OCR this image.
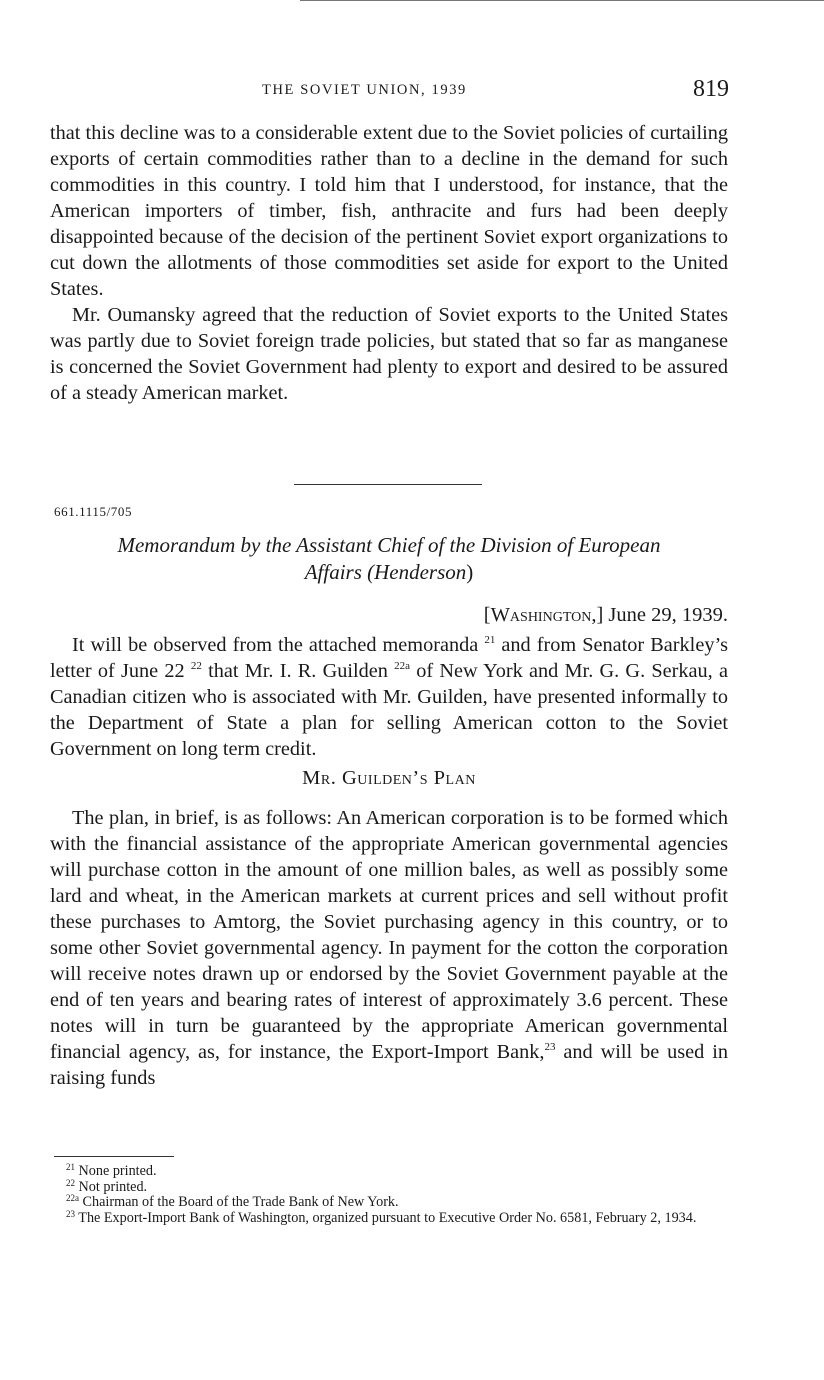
THE SOVIET UNION, 1939	819

that this decline was to a considerable extent due to the Soviet policies of curtailing exports of certain commodities rather than to a decline in the demand for such commodities in this country. I told him that I understood, for instance, that the American importers of timber, fish, anthracite and furs had been deeply disappointed because of the decision of the pertinent Soviet export organizations to cut down the allotments of those commodities set aside for export to the United States.

Mr. Oumansky agreed that the reduction of Soviet exports to the United States was partly due to Soviet foreign trade policies, but stated that so far as manganese is concerned the Soviet Government had plenty to export and desired to be assured of a steady American market.

661.1115/705
Memorandum by the Assistant Chief of the Division of European
Affairs (Henderson)
[Washington,] June 29, 1939.

It will be observed from the attached memoranda $^{21}$ and from Senator Barkley’s letter of June 22 $^{22}$ that Mr. I. R. Guilden $^{22a}$ of New York and Mr. G. G. Serkau, a Canadian citizen who is associated with Mr. Guilden, have presented informally to the Department of State a plan for selling American cotton to the Soviet Government on long term credit.

Mr. Guilden’s Plan

The plan, in brief, is as follows: An American corporation is to be formed which with the financial assistance of the appropriate American governmental agencies will purchase cotton in the amount of one million bales, as well as possibly some lard and wheat, in the American markets at current prices and sell without profit these purchases to Amtorg, the Soviet purchasing agency in this country, or to some other Soviet governmental agency. In payment for the cotton the corporation will receive notes drawn up or endorsed by the Soviet Government payable at the end of ten years and bearing rates of interest of approximately 3.6 percent. These notes will in turn be guaranteed by the appropriate American governmental financial agency, as, for instance, the Export-Import Bank,$^{23}$ and will be used in raising funds

$^{21}$ None printed.
$^{22}$ Not printed.
$^{22a}$ Chairman of the Board of the Trade Bank of New York.
$^{23}$ The Export-Import Bank of Washington, organized pursuant to Executive Order No. 6581, February 2, 1934.
